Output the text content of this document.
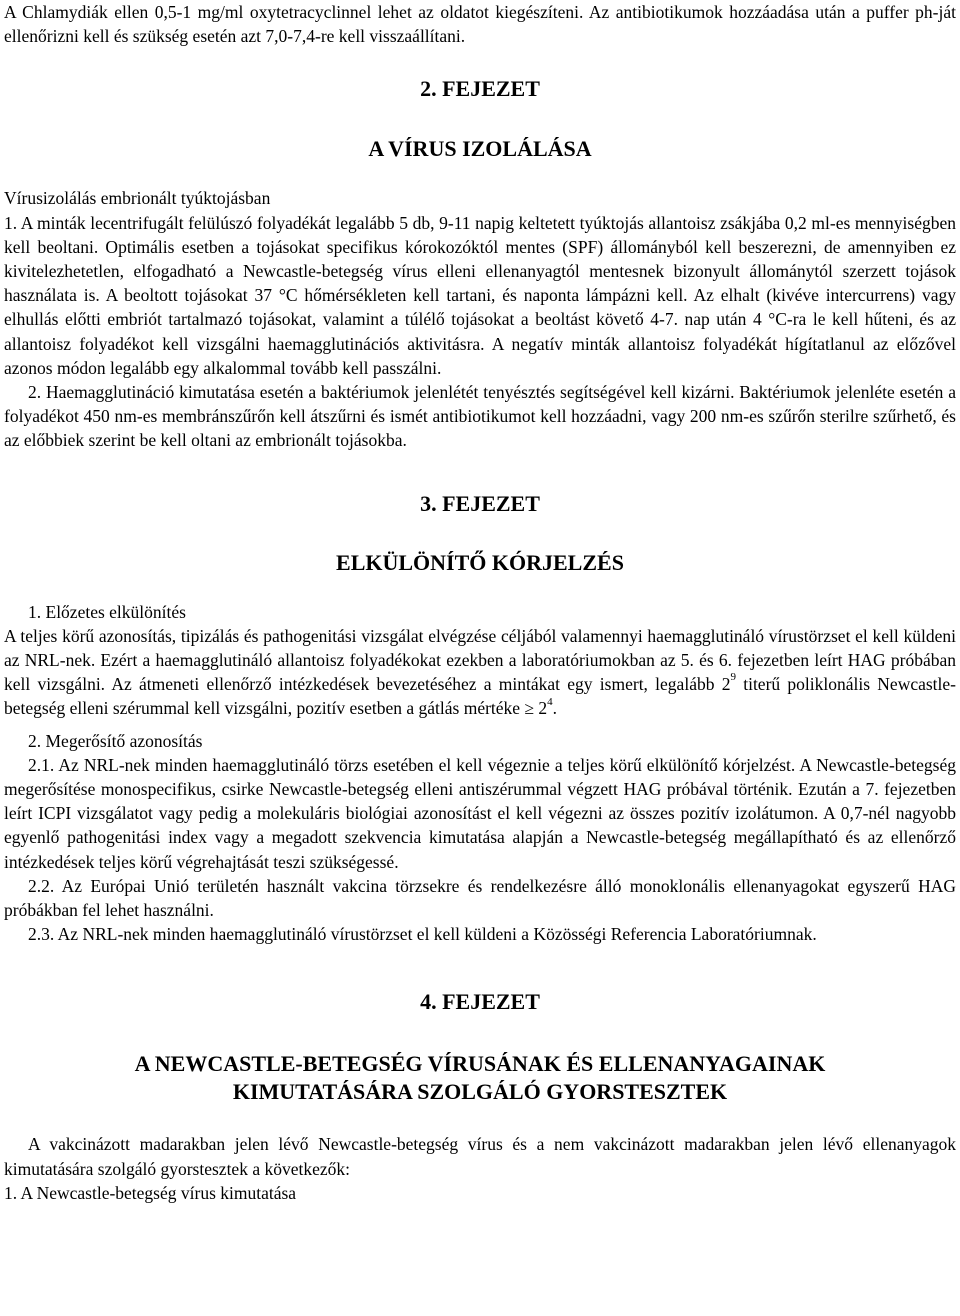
A Chlamydiák ellen 0,5-1 mg/ml oxytetracyclinnel lehet az oldatot kiegészíteni. Az antibiotikumok hozzáadása után a puffer ph-ját ellenőrizni kell és szükség esetén azt 7,0-7,4-re kell visszaállítani.

2. FEJEZET
A VÍRUS IZOLÁLÁSA

Vírusizolálás embrionált tyúktojásban

1. A minták lecentrifugált felülúszó folyadékát legalább 5 db, 9-11 napig keltetett tyúktojás allantoisz zsákjába 0,2 ml-es mennyiségben kell beoltani. Optimális esetben a tojásokat specifikus kórokozóktól mentes (SPF) állományból kell beszerezni, de amennyiben ez kivitelezhetetlen, elfogadható a Newcastle-betegség vírus elleni ellenanyagtól mentesnek bizonyult állománytól szerzett tojások használata is. A beoltott tojásokat 37 °C hőmérsékleten kell tartani, és naponta lámpázni kell. Az elhalt (kivéve intercurrens) vagy elhullás előtti embriót tartalmazó tojásokat, valamint a túlélő tojásokat a beoltást követő 4-7. nap után 4 °C-ra le kell hűteni, és az allantoisz folyadékot kell vizsgálni haemagglutinációs aktivitásra. A negatív minták allantoisz folyadékát hígítatlanul az előzővel azonos módon legalább egy alkalommal tovább kell passzálni.

2. Haemagglutináció kimutatása esetén a baktériumok jelenlétét tenyésztés segítségével kell kizárni. Baktériumok jelenléte esetén a folyadékot 450 nm-es membránszűrőn kell átszűrni és ismét antibiotikumot kell hozzáadni, vagy 200 nm-es szűrőn sterilre szűrhető, és az előbbiek szerint be kell oltani az embrionált tojásokba.

3. FEJEZET
ELKÜLÖNÍTŐ KÓRJELZÉS

1. Előzetes elkülönítés

A teljes körű azonosítás, tipizálás és pathogenitási vizsgálat elvégzése céljából valamennyi haemagglutináló vírustörzset el kell küldeni az NRL-nek. Ezért a haemagglutináló allantoisz folyadékokat ezekben a laboratóriumokban az 5. és 6. fejezetben leírt HAG próbában kell vizsgálni. Az átmeneti ellenőrző intézkedések bevezetéséhez a mintákat egy ismert, legalább $2^9$ titerű poliklonális Newcastle-betegség elleni szérummal kell vizsgálni, pozitív esetben a gátlás mértéke ≥ $2^4$.

2. Megerősítő azonosítás

2.1. Az NRL-nek minden haemagglutináló törzs esetében el kell végeznie a teljes körű elkülönítő kórjelzést. A Newcastle-betegség megerősítése monospecifikus, csirke Newcastle-betegség elleni antiszérummal végzett HAG próbával történik. Ezután a 7. fejezetben leírt ICPI vizsgálatot vagy pedig a molekuláris biológiai azonosítást el kell végezni az összes pozitív izolátumon. A 0,7-nél nagyobb egyenlő pathogenitási index vagy a megadott szekvencia kimutatása alapján a Newcastle-betegség megállapítható és az ellenőrző intézkedések teljes körű végrehajtását teszi szükségessé.

2.2. Az Európai Unió területén használt vakcina törzsekre és rendelkezésre álló monoklonális ellenanyagokat egyszerű HAG próbákban fel lehet használni.

2.3. Az NRL-nek minden haemagglutináló vírustörzset el kell küldeni a Közösségi Referencia Laboratóriumnak.

4. FEJEZET
A NEWCASTLE-BETEGSÉG VÍRUSÁNAK ÉS ELLENANYAGAINAK
KIMUTATÁSÁRA SZOLGÁLÓ GYORSTESZTEK

A vakcinázott madarakban jelen lévő Newcastle-betegség vírus és a nem vakcinázott madarakban jelen lévő ellenanyagok kimutatására szolgáló gyorstesztek a következők:

1. A Newcastle-betegség vírus kimutatása
